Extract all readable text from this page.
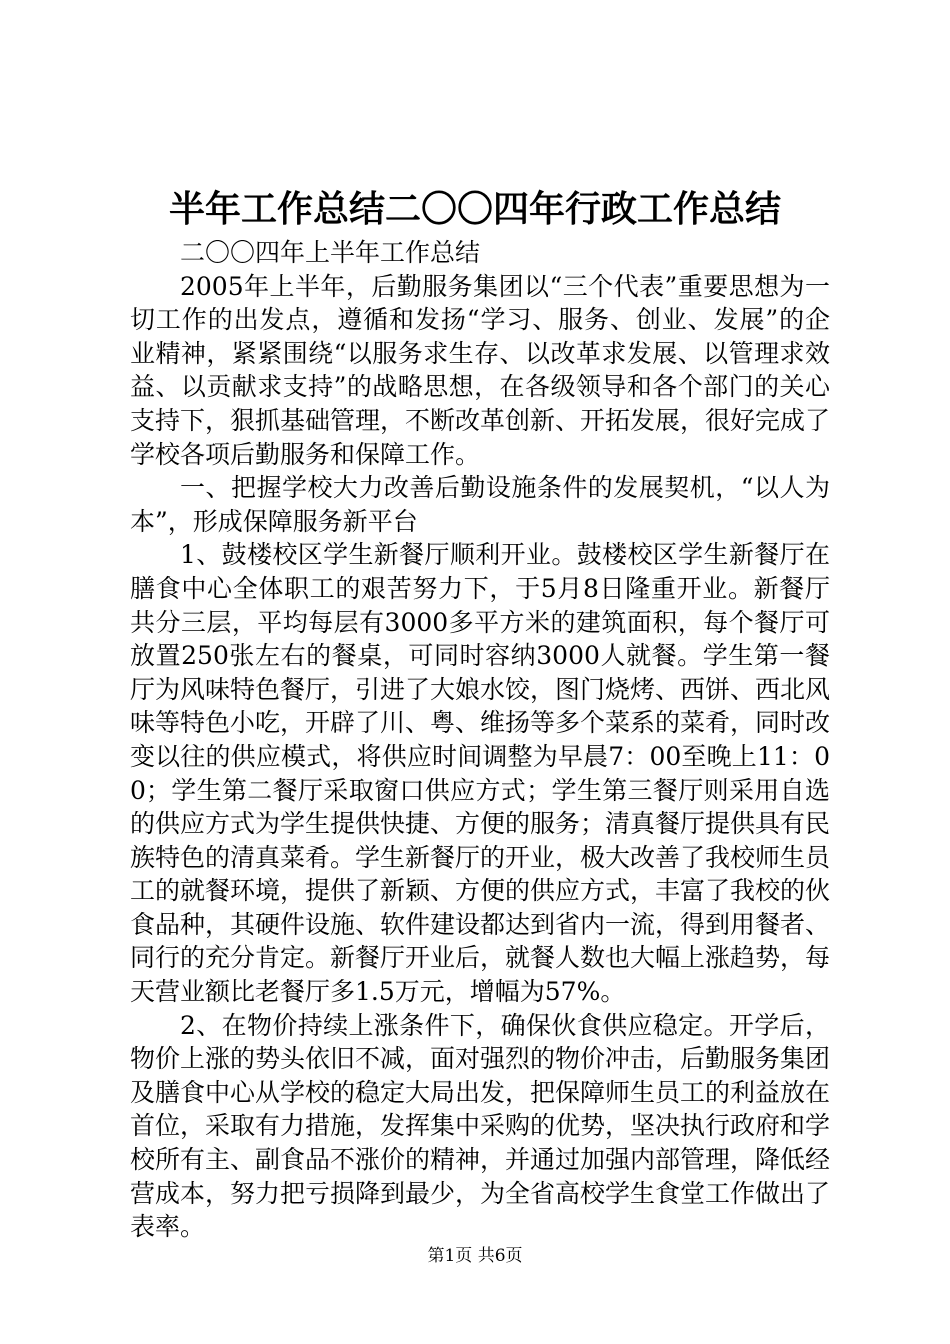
半年工作总结二〇〇四年行政工作总结

二〇〇四年上半年工作总结

2005年上半年，后勤服务集团以“三个代表”重要思想为一切工作的出发点，遵循和发扬“学习、服务、创业、发展”的企业精神，紧紧围绕“以服务求生存、以改革求发展、以管理求效益、以贡献求支持”的战略思想，在各级领导和各个部门的关心支持下，狠抓基础管理，不断改革创新、开拓发展，很好完成了学校各项后勤服务和保障工作。

一、把握学校大力改善后勤设施条件的发展契机，“以人为本”，形成保障服务新平台

1、鼓楼校区学生新餐厅顺利开业。鼓楼校区学生新餐厅在膳食中心全体职工的艰苦努力下，于5月8日隆重开业。新餐厅共分三层，平均每层有3000多平方米的建筑面积，每个餐厅可放置250张左右的餐桌，可同时容纳3000人就餐。学生第一餐厅为风味特色餐厅，引进了大娘水饺，图门烧烤、西饼、西北风味等特色小吃，开辟了川、粤、维扬等多个菜系的菜肴，同时改变以往的供应模式，将供应时间调整为早晨7：00至晚上11：00；学生第二餐厅采取窗口供应方式；学生第三餐厅则采用自选的供应方式为学生提供快捷、方便的服务；清真餐厅提供具有民族特色的清真菜肴。学生新餐厅的开业，极大改善了我校师生员工的就餐环境，提供了新颖、方便的供应方式，丰富了我校的伙食品种，其硬件设施、软件建设都达到省内一流，得到用餐者、同行的充分肯定。新餐厅开业后，就餐人数也大幅上涨趋势，每天营业额比老餐厅多1.5万元，增幅为57%。

2、在物价持续上涨条件下，确保伙食供应稳定。开学后，物价上涨的势头依旧不减，面对强烈的物价冲击，后勤服务集团及膳食中心从学校的稳定大局出发，把保障师生员工的利益放在首位，采取有力措施，发挥集中采购的优势，坚决执行政府和学校所有主、副食品不涨价的精神，并通过加强内部管理，降低经营成本，努力把亏损降到最少，为全省高校学生食堂工作做出了表率。

第1页 共6页
